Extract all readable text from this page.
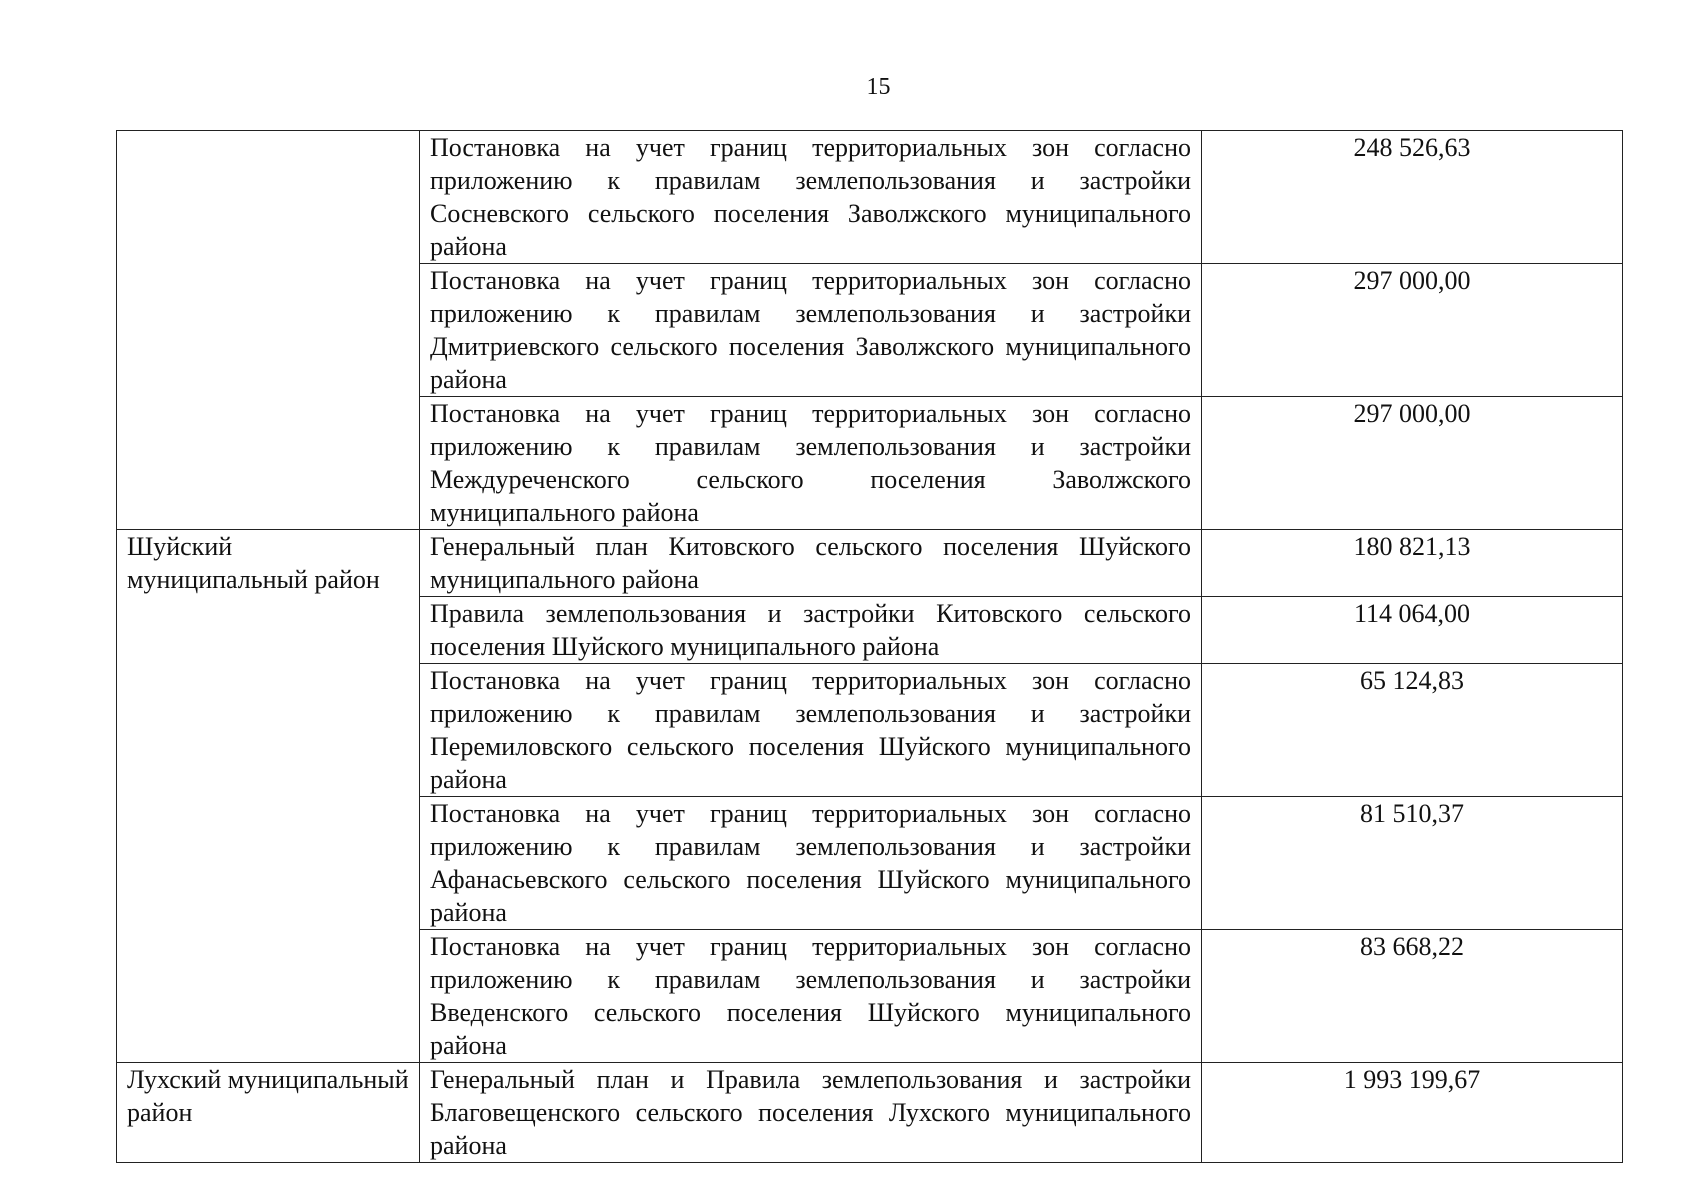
15
	Постановка на учет границ территориальных зон согласно приложению к правилам землепользования и застройки Сосневского сельского поселения Заволжского муниципального района	248 526,63
	Постановка на учет границ территориальных зон согласно приложению к правилам землепользования и застройки Дмитриевского сельского поселения Заволжского муниципального района	297 000,00
	Постановка на учет границ территориальных зон согласно приложению к правилам землепользования и застройки Междуреченского сельского поселения Заволжского муниципального района	297 000,00
Шуйский муниципальный район	Генеральный план Китовского сельского поселения Шуйского муниципального района	180 821,13
	Правила землепользования и застройки Китовского сельского поселения Шуйского муниципального района	114 064,00
	Постановка на учет границ территориальных зон согласно приложению к правилам землепользования и застройки Перемиловского сельского поселения Шуйского муниципального района	65 124,83
	Постановка на учет границ территориальных зон согласно приложению к правилам землепользования и застройки Афанасьевского сельского поселения Шуйского муниципального района	81 510,37
	Постановка на учет границ территориальных зон согласно приложению к правилам землепользования и застройки Введенского сельского поселения Шуйского муниципального района	83 668,22
Лухский муниципальный район	Генеральный план и Правила землепользования и застройки Благовещенского сельского поселения Лухского муниципального района	1 993 199,67
